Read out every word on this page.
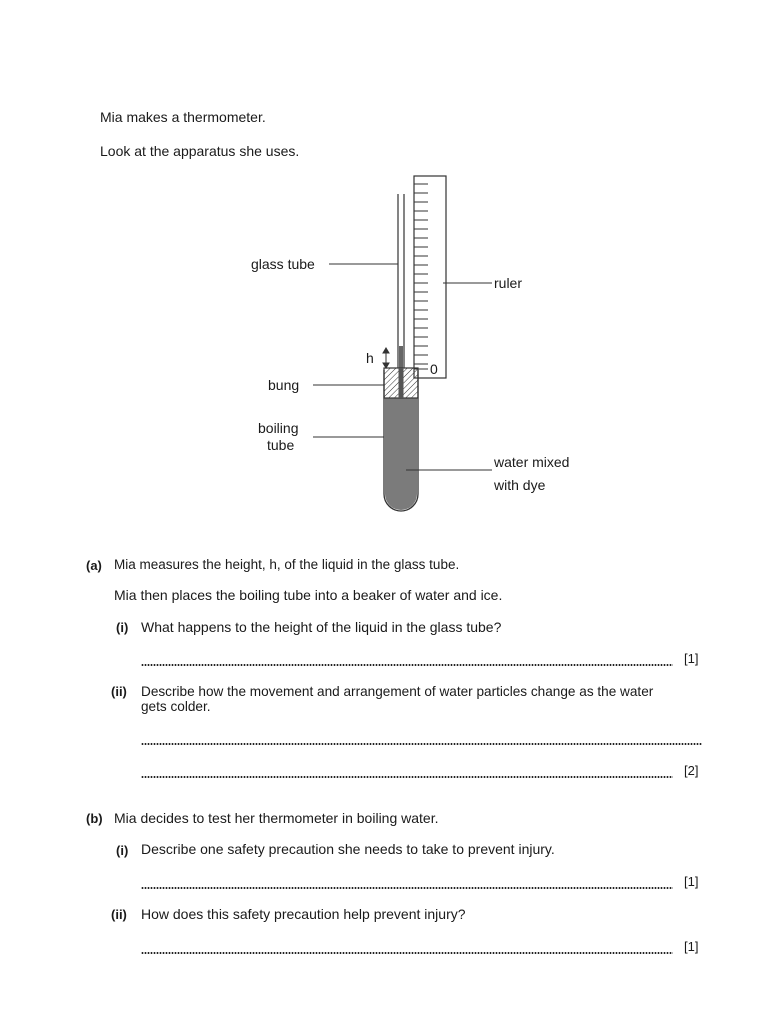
Mia makes a thermometer.
Look at the apparatus she uses.
glass tube
ruler
h
0
bung
boiling
tube
water mixed
with dye
(a) Mia measures the height, h, of the liquid in the glass tube.
Mia then places the boiling tube into a beaker of water and ice.
(i) What happens to the height of the liquid in the glass tube?
[1]
(ii) Describe how the movement and arrangement of water particles change as the water
gets colder.
[2]
(b) Mia decides to test her thermometer in boiling water.
(i) Describe one safety precaution she needs to take to prevent injury.
[1]
(ii) How does this safety precaution help prevent injury?
[1]
